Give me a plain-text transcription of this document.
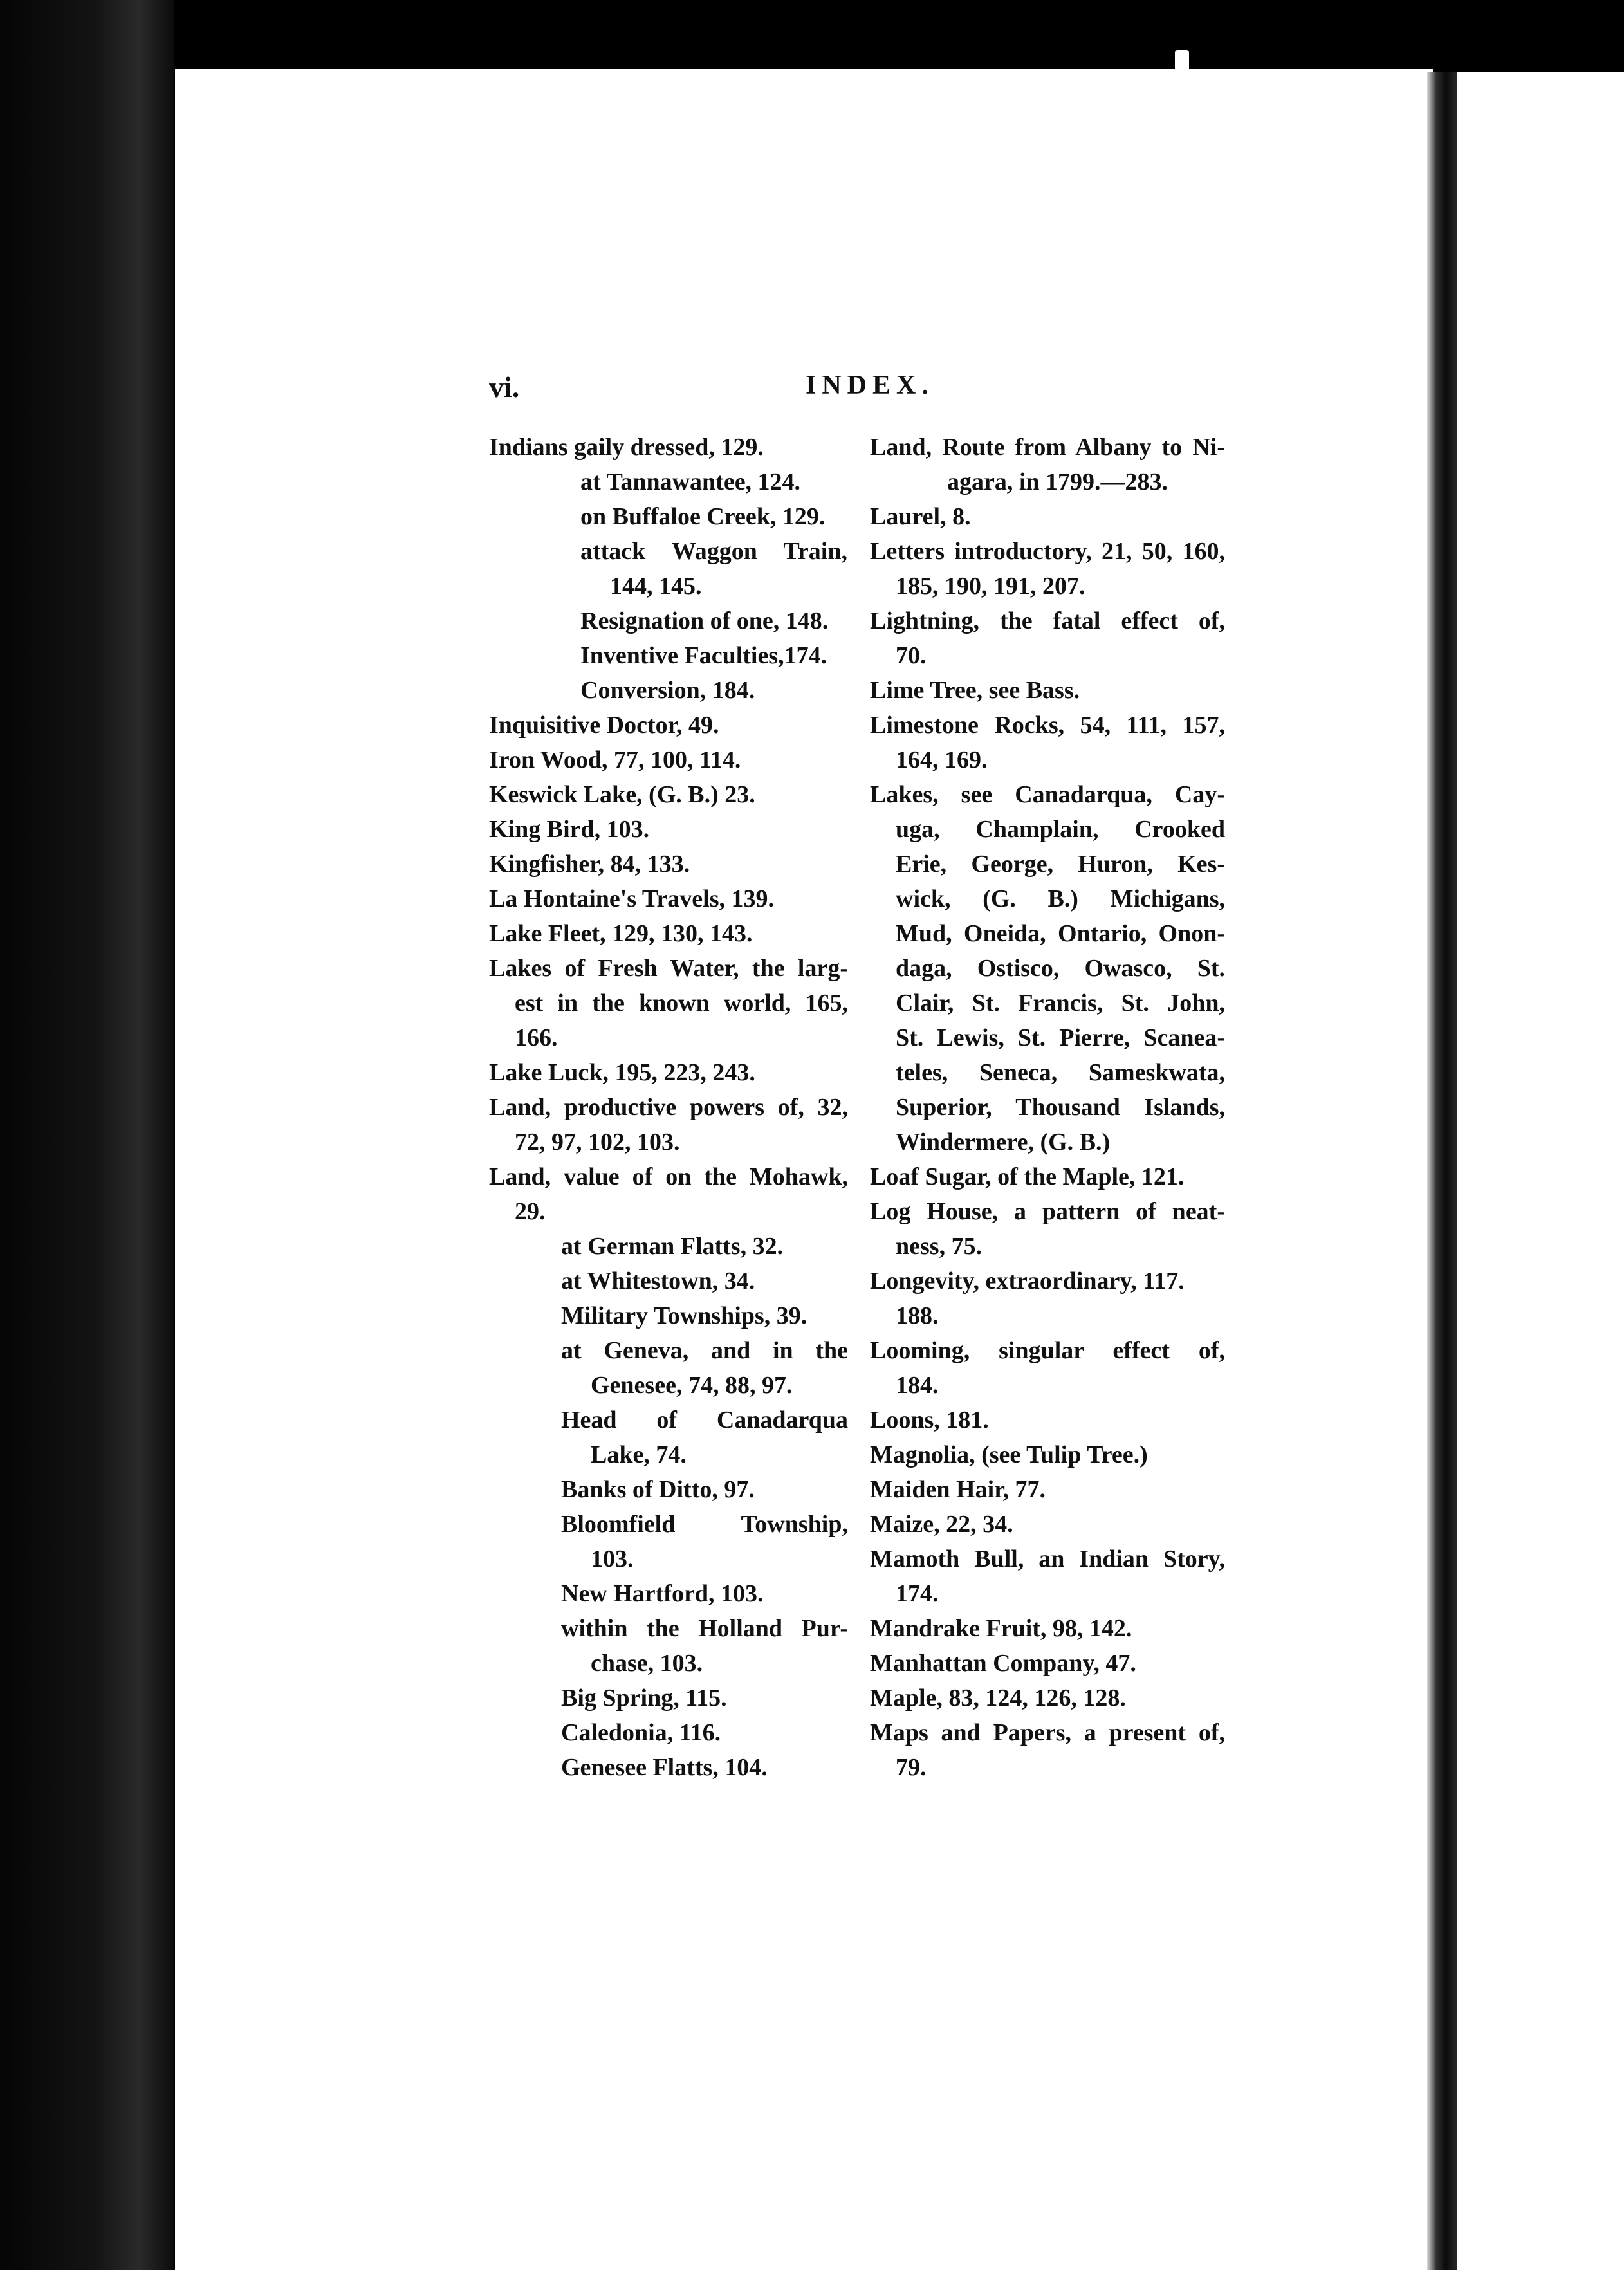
vi.	INDEX.
Indians gaily dressed, 129.
at Tannawantee, 124.
on Buffaloe Creek, 129.
attack Waggon Train,
144, 145.
Resignation of one, 148.
Inventive Faculties,174.
Conversion, 184.
Inquisitive Doctor, 49.
Iron Wood, 77, 100, 114.
Keswick Lake, (G. B.) 23.
King Bird, 103.
Kingfisher, 84, 133.
La Hontaine's Travels, 139.
Lake Fleet, 129, 130, 143.
Lakes of Fresh Water, the larg-
est in the known world, 165,
166.
Lake Luck, 195, 223, 243.
Land, productive powers of, 32,
72, 97, 102, 103.
Land, value of on the Mohawk,
29.
at German Flatts, 32.
at Whitestown, 34.
Military Townships, 39.
at Geneva, and in the
Genesee, 74, 88, 97.
Head of Canadarqua
Lake, 74.
Banks of Ditto, 97.
Bloomfield Township,
103.
New Hartford, 103.
within the Holland Pur-
chase, 103.
Big Spring, 115.
Caledonia, 116.
Genesee Flatts, 104.
Land, Route from Albany to Ni-
agara, in 1799.—283.
Laurel, 8.
Letters introductory, 21, 50, 160,
185, 190, 191, 207.
Lightning, the fatal effect of,
70.
Lime Tree, see Bass.
Limestone Rocks, 54, 111, 157,
164, 169.
Lakes, see Canadarqua, Cay-
uga, Champlain, Crooked
Erie, George, Huron, Kes-
wick, (G. B.) Michigans,
Mud, Oneida, Ontario, Onon-
daga, Ostisco, Owasco, St.
Clair, St. Francis, St. John,
St. Lewis, St. Pierre, Scanea-
teles, Seneca, Sameskwata,
Superior, Thousand Islands,
Windermere, (G. B.)
Loaf Sugar, of the Maple, 121.
Log House, a pattern of neat-
ness, 75.
Longevity, extraordinary, 117.
188.
Looming, singular effect of,
184.
Loons, 181.
Magnolia, (see Tulip Tree.)
Maiden Hair, 77.
Maize, 22, 34.
Mamoth Bull, an Indian Story,
174.
Mandrake Fruit, 98, 142.
Manhattan Company, 47.
Maple, 83, 124, 126, 128.
Maps and Papers, a present of,
79.
